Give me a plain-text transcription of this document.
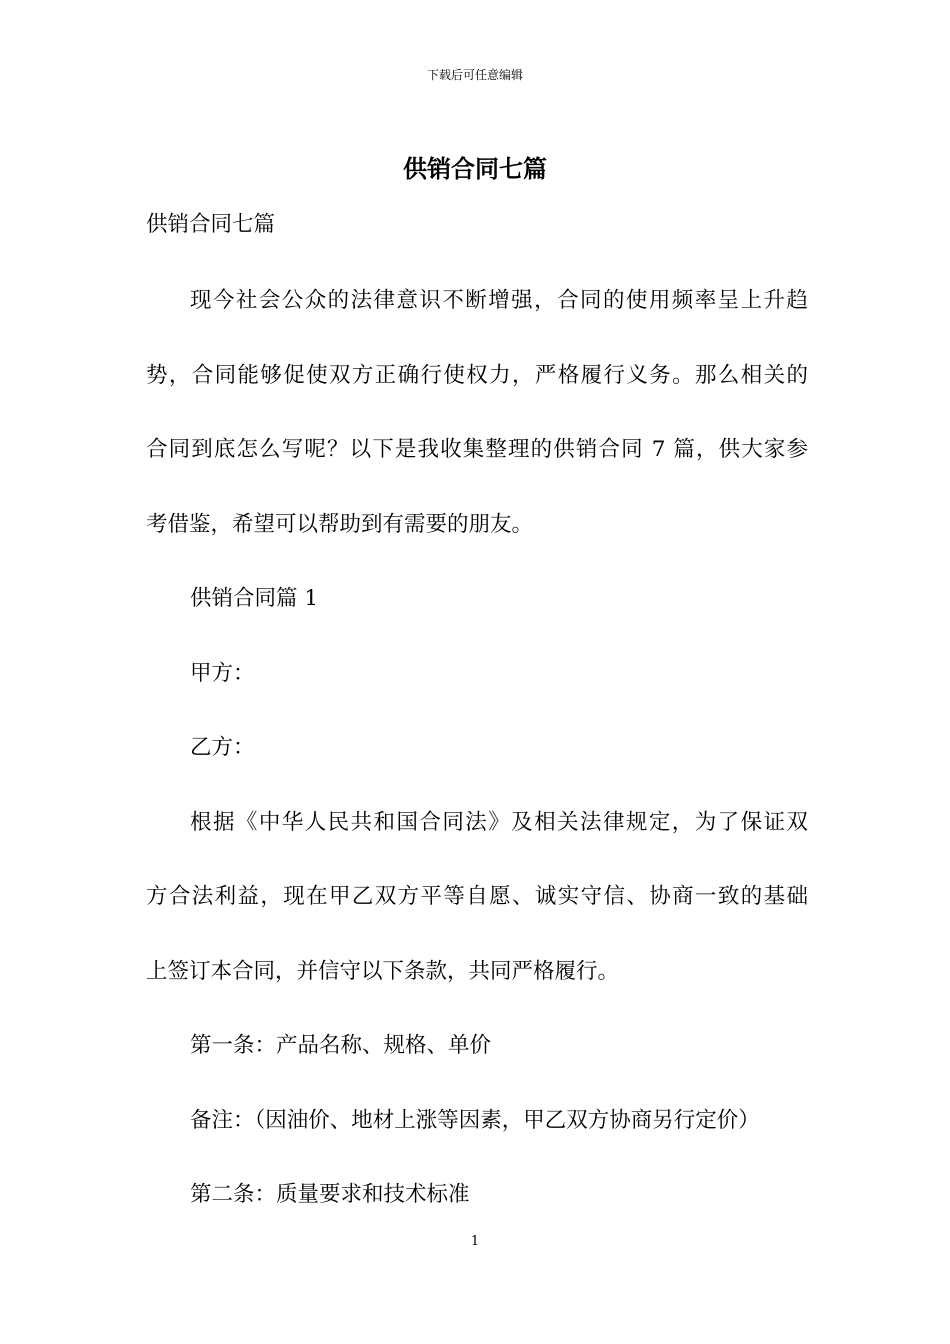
下载后可任意编辑
供销合同七篇
供销合同七篇
现今社会公众的法律意识不断增强，合同的使用频率呈上升趋
势，合同能够促使双方正确行使权力，严格履行义务。那么相关的
合同到底怎么写呢？以下是我收集整理的供销合同 7 篇，供大家参
考借鉴，希望可以帮助到有需要的朋友。
供销合同篇 1
甲方：
乙方：
根据《中华人民共和国合同法》及相关法律规定，为了保证双
方合法利益，现在甲乙双方平等自愿、诚实守信、协商一致的基础
上签订本合同，并信守以下条款，共同严格履行。
第一条：产品名称、规格、单价
备注：（因油价、地材上涨等因素，甲乙双方协商另行定价）
第二条：质量要求和技术标准
1
